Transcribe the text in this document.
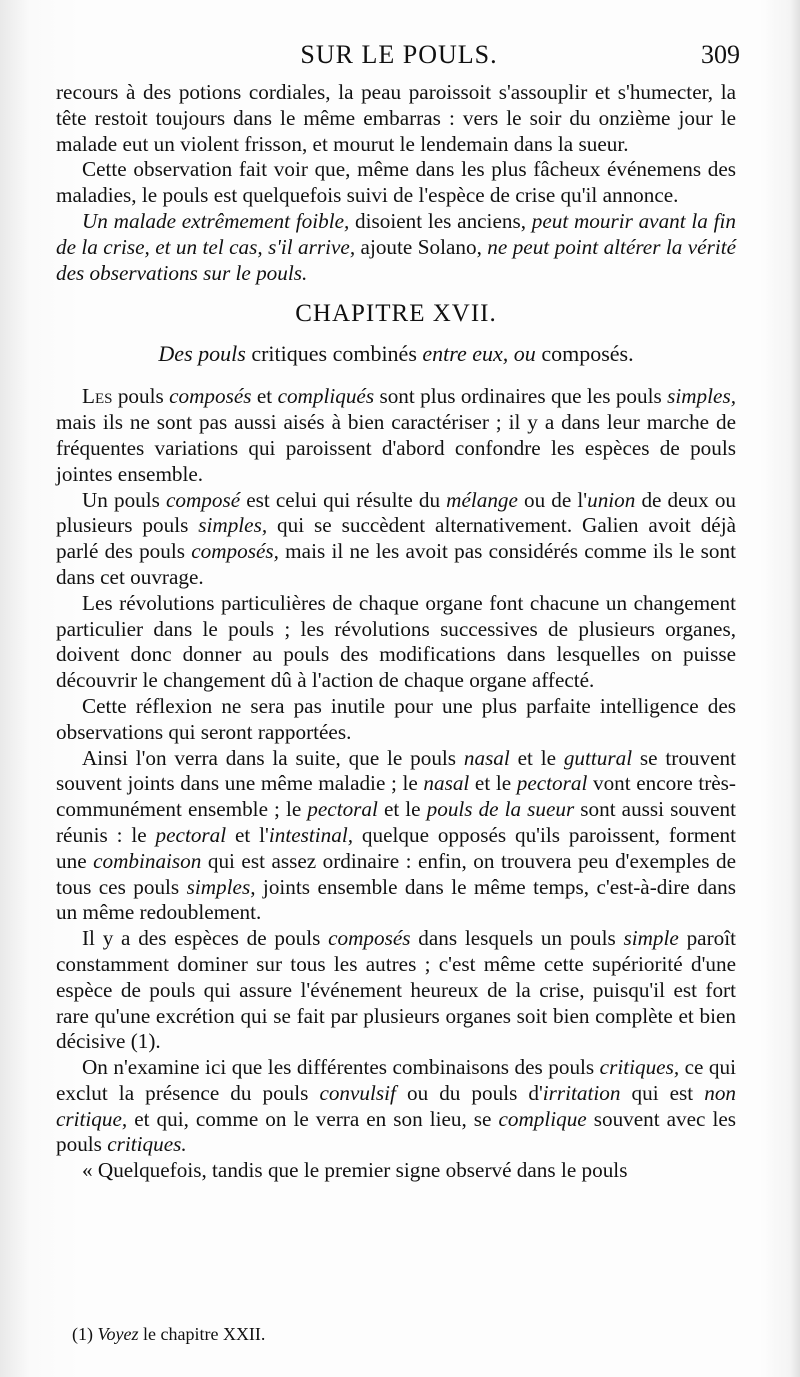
SUR LE POULS.	309

recours à des potions cordiales, la peau paroissoit s'assouplir et s'humecter, la tête restoit toujours dans le même embarras : vers le soir du onzième jour le malade eut un violent frisson, et mourut le lendemain dans la sueur.

Cette observation fait voir que, même dans les plus fâcheux événemens des maladies, le pouls est quelquefois suivi de l'espèce de crise qu'il annonce.

Un malade extrêmement foible, disoient les anciens, peut mourir avant la fin de la crise, et un tel cas, s'il arrive, ajoute Solano, ne peut point altérer la vérité des observations sur le pouls.

CHAPITRE XVII.
Des pouls critiques combinés entre eux, ou composés.

Les pouls composés et compliqués sont plus ordinaires que les pouls simples, mais ils ne sont pas aussi aisés à bien caractériser ; il y a dans leur marche de fréquentes variations qui paroissent d'abord confondre les espèces de pouls jointes ensemble.

Un pouls composé est celui qui résulte du mélange ou de l'union de deux ou plusieurs pouls simples, qui se succèdent alternativement. Galien avoit déjà parlé des pouls composés, mais il ne les avoit pas considérés comme ils le sont dans cet ouvrage.

Les révolutions particulières de chaque organe font chacune un changement particulier dans le pouls ; les révolutions successives de plusieurs organes, doivent donc donner au pouls des modifications dans lesquelles on puisse découvrir le changement dû à l'action de chaque organe affecté.

Cette réflexion ne sera pas inutile pour une plus parfaite intelligence des observations qui seront rapportées.

Ainsi l'on verra dans la suite, que le pouls nasal et le guttural se trouvent souvent joints dans une même maladie ; le nasal et le pectoral vont encore très-communément ensemble ; le pectoral et le pouls de la sueur sont aussi souvent réunis : le pectoral et l'intestinal, quelque opposés qu'ils paroissent, forment une combinaison qui est assez ordinaire : enfin, on trouvera peu d'exemples de tous ces pouls simples, joints ensemble dans le même temps, c'est-à-dire dans un même redoublement.

Il y a des espèces de pouls composés dans lesquels un pouls simple paroît constamment dominer sur tous les autres ; c'est même cette supériorité d'une espèce de pouls qui assure l'événement heureux de la crise, puisqu'il est fort rare qu'une excrétion qui se fait par plusieurs organes soit bien complète et bien décisive (1).

On n'examine ici que les différentes combinaisons des pouls critiques, ce qui exclut la présence du pouls convulsif ou du pouls d'irritation qui est non critique, et qui, comme on le verra en son lieu, se complique souvent avec les pouls critiques.

« Quelquefois, tandis que le premier signe observé dans le pouls

(1) Voyez le chapitre XXII.
